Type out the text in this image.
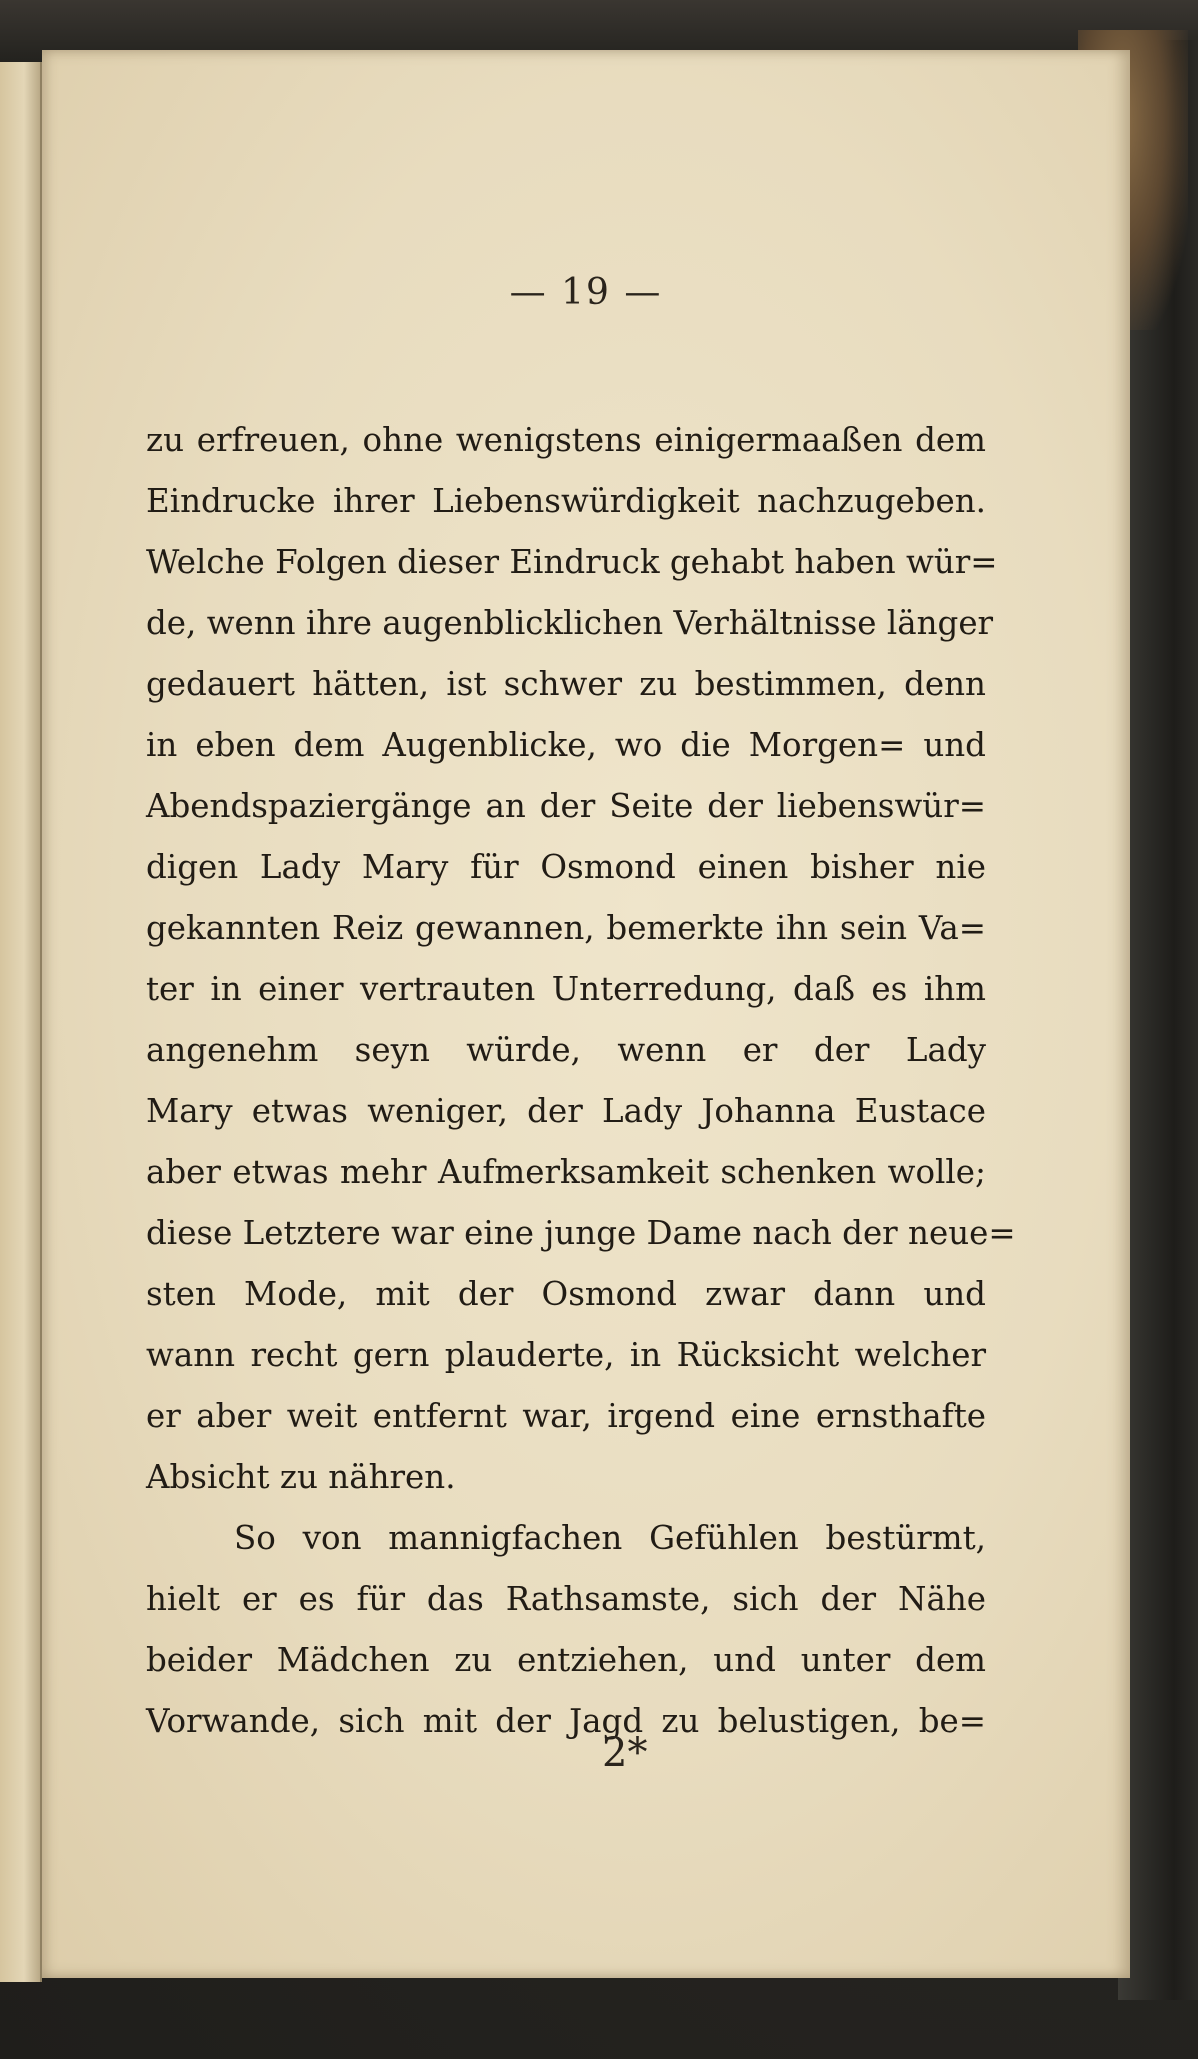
— 19 —
zu erfreuen, ohne wenigstens einigermaaßen dem
Eindrucke ihrer Liebenswürdigkeit nachzugeben.
Welche Folgen dieser Eindruck gehabt haben wür=
de, wenn ihre augenblicklichen Verhältnisse länger
gedauert hätten, ist schwer zu bestimmen, denn
in eben dem Augenblicke, wo die Morgen= und
Abendspaziergänge an der Seite der liebenswür=
digen Lady Mary für Osmond einen bisher nie
gekannten Reiz gewannen, bemerkte ihn sein Va=
ter in einer vertrauten Unterredung, daß es ihm
angenehm seyn würde, wenn er der Lady
Mary etwas weniger, der Lady Johanna Eustace
aber etwas mehr Aufmerksamkeit schenken wolle;
diese Letztere war eine junge Dame nach der neue=
sten Mode, mit der Osmond zwar dann und
wann recht gern plauderte, in Rücksicht welcher
er aber weit entfernt war, irgend eine ernsthafte
Absicht zu nähren.
So von mannigfachen Gefühlen bestürmt,
hielt er es für das Rathsamste, sich der Nähe
beider Mädchen zu entziehen, und unter dem
Vorwande, sich mit der Jagd zu belustigen, be=
2*
